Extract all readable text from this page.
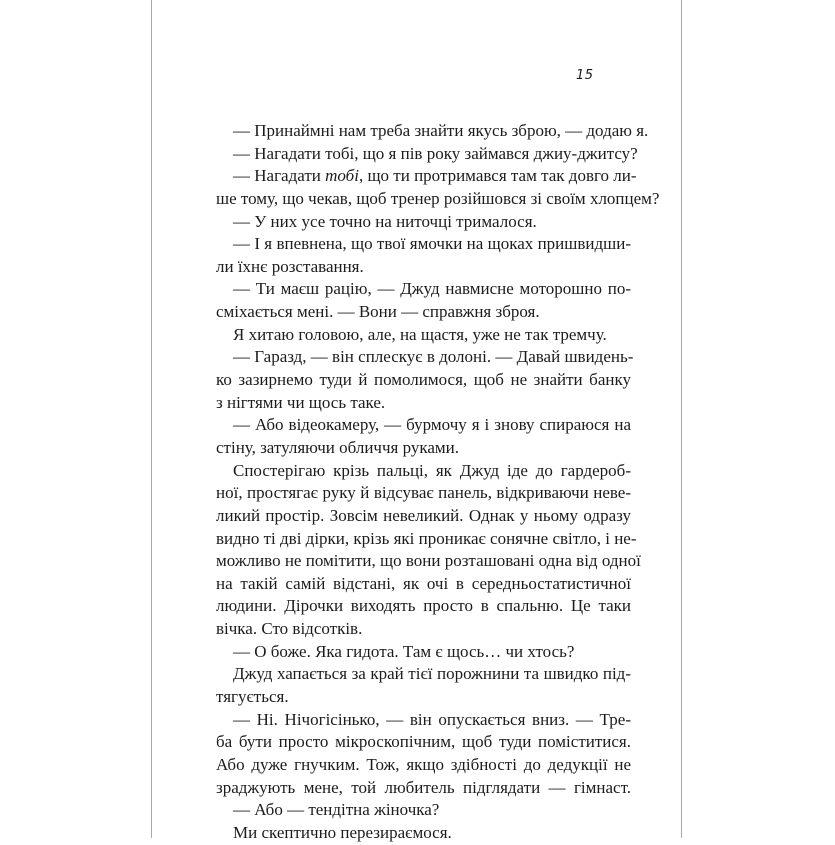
15
— Принаймні нам треба знайти якусь зброю, — додаю я.
— Нагадати тобі, що я пів року займався джиу-джитсу?
— Нагадати тобі, що ти протримався там так довго ли-
ше тому, що чекав, щоб тренер розійшовся зі своїм хлопцем?
— У них усе точно на ниточці трималося.
— І я впевнена, що твої ямочки на щоках пришвидши-
ли їхнє розставання.
— Ти маєш рацію, — Джуд навмисне моторошно по-
сміхається мені. — Вони — справжня зброя.
Я хитаю головою, але, на щастя, уже не так тремчу.
— Гаразд, — він сплескує в долоні. — Давай швидень-
ко зазирнемо туди й помолимося, щоб не знайти банку
з нігтями чи щось таке.
— Або відеокамеру, — бурмочу я і знову спираюся на
стіну, затуляючи обличчя руками.
Спостерігаю крізь пальці, як Джуд іде до гардероб-
ної, простягає руку й відсуває панель, відкриваючи неве-
ликий простір. Зовсім невеликий. Однак у ньому одразу
видно ті дві дірки, крізь які проникає сонячне світло, і не-
можливо не помітити, що вони розташовані одна від одної
на такій самій відстані, як очі в середньостатистичної
людини. Дірочки виходять просто в спальню. Це таки
вічка. Сто відсотків.
— О боже. Яка гидота. Там є щось… чи хтось?
Джуд хапається за край тієї порожнини та швидко під-
тягується.
— Ні. Нічогісінько, — він опускається вниз. — Тре-
ба бути просто мікроскопічним, щоб туди поміститися.
Або дуже гнучким. Тож, якщо здібності до дедукції не
зраджують мене, той любитель підглядати — гімнаст.
— Або — тендітна жіночка?
Ми скептично перезираємося.
